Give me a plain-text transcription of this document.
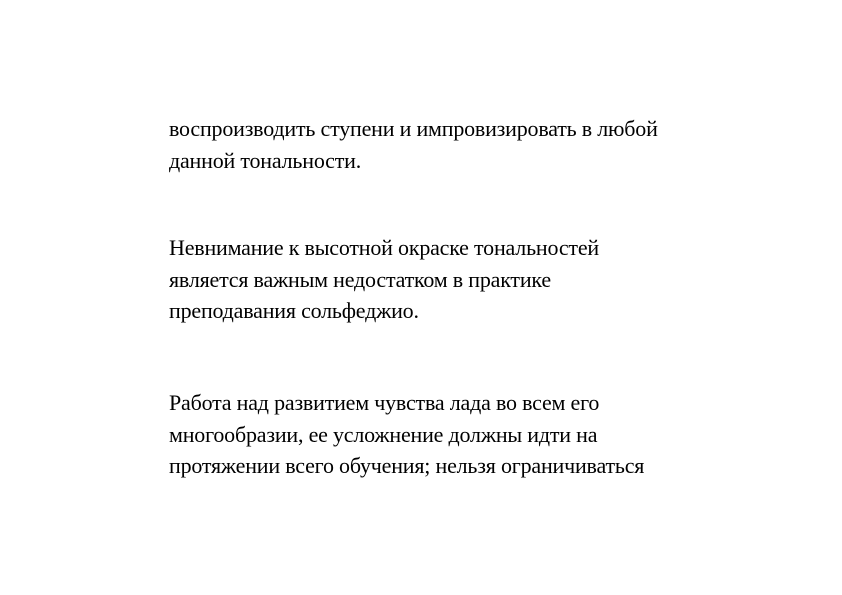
воспроизводить ступени и импровизировать в любой
данной тональности.
Невнимание к высотной окраске тональностей
является важным недостатком в практике
преподавания сольфеджио.
Работа над развитием чувства лада во всем его
многообразии, ее усложнение должны идти на
протяжении всего обучения; нельзя ограничиваться
